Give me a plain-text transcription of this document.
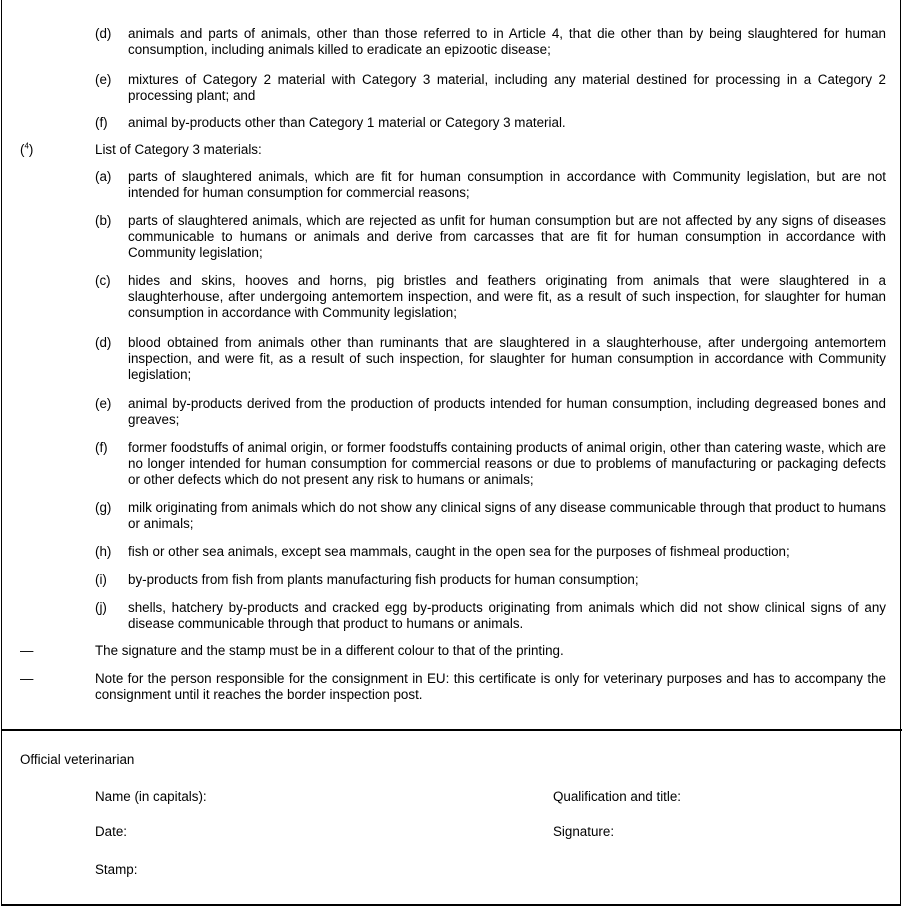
(d) animals and parts of animals, other than those referred to in Article 4, that die other than by being slaughtered for human consumption, including animals killed to eradicate an epizootic disease;
(e) mixtures of Category 2 material with Category 3 material, including any material destined for processing in a Category 2 processing plant; and
(f) animal by-products other than Category 1 material or Category 3 material.
($^4$)	List of Category 3 materials:
(a) parts of slaughtered animals, which are fit for human consumption in accordance with Community legislation, but are not intended for human consumption for commercial reasons;
(b) parts of slaughtered animals, which are rejected as unfit for human consumption but are not affected by any signs of diseases communicable to humans or animals and derive from carcasses that are fit for human consumption in accordance with Community legislation;
(c) hides and skins, hooves and horns, pig bristles and feathers originating from animals that were slaughtered in a slaughterhouse, after undergoing antemortem inspection, and were fit, as a result of such inspection, for slaughter for human consumption in accordance with Community legislation;
(d) blood obtained from animals other than ruminants that are slaughtered in a slaughterhouse, after undergoing antemortem inspection, and were fit, as a result of such inspection, for slaughter for human consumption in accordance with Community legislation;
(e) animal by-products derived from the production of products intended for human consumption, including degreased bones and greaves;
(f) former foodstuffs of animal origin, or former foodstuffs containing products of animal origin, other than catering waste, which are no longer intended for human consumption for commercial reasons or due to problems of manufacturing or packaging defects or other defects which do not present any risk to humans or animals;
(g) milk originating from animals which do not show any clinical signs of any disease communicable through that product to humans or animals;
(h) fish or other sea animals, except sea mammals, caught in the open sea for the purposes of fishmeal production;
(i) by-products from fish from plants manufacturing fish products for human consumption;
(j) shells, hatchery by-products and cracked egg by-products originating from animals which did not show clinical signs of any disease communicable through that product to humans or animals.
—	The signature and the stamp must be in a different colour to that of the printing.
—	Note for the person responsible for the consignment in EU: this certificate is only for veterinary purposes and has to accompany the consignment until it reaches the border inspection post.
Official veterinarian
Name (in capitals):	Qualification and title:
Date:	Signature:
Stamp:
